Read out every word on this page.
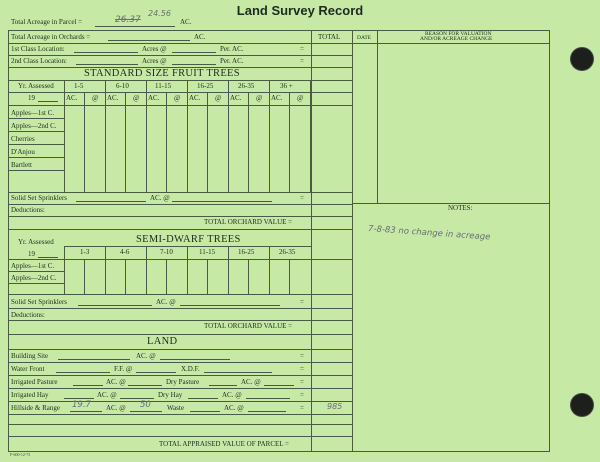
Land Survey Record
Total Acreage in Parcel =	AC.
26.37
24.56
Total Acreage in Orchards =	AC.	TOTAL	DATE
REASON FOR VALUATION
AND/OR ACREAGE CHANGE
1st Class Location:	Acres @	Per. AC.	=
2nd Class Location:	Acres @	Per. AC.	=
STANDARD SIZE FRUIT TREES
Yr. Assessed	1-5	6-10	11-15	16-25	26-35	36 +
19	AC. @ AC. @ AC. @ AC. @ AC. @ AC. @
Apples—1st C.
Apples—2nd C.
Cherries
D'Anjou
Bartlett
Solid Set Sprinklers	AC. @	=
Deductions:	NOTES:
TOTAL ORCHARD VALUE =
7-8-83 no change in acreage
Yr. Assessed	SEMI-DWARF TREES
19	1-3	4-6	7-10	11-15	16-25	26-35
Apples—1st C.
Apples—2nd C.
Solid Set Sprinklers	AC. @	=
Deductions:
TOTAL ORCHARD VALUE =
LAND
Building Site	AC. @	=
Water Front	F.F. @	X.D.F.	=
Irrigated Pasture	AC. @	Dry Pasture	AC. @	=
Irrigated Hay	AC. @	Dry Hay	AC. @	=
Hillside & Range 19.7 AC. @ 50 Waste	AC. @	=	985
TOTAL APPRAISED VALUE OF PARCEL =
F-600-12-73
